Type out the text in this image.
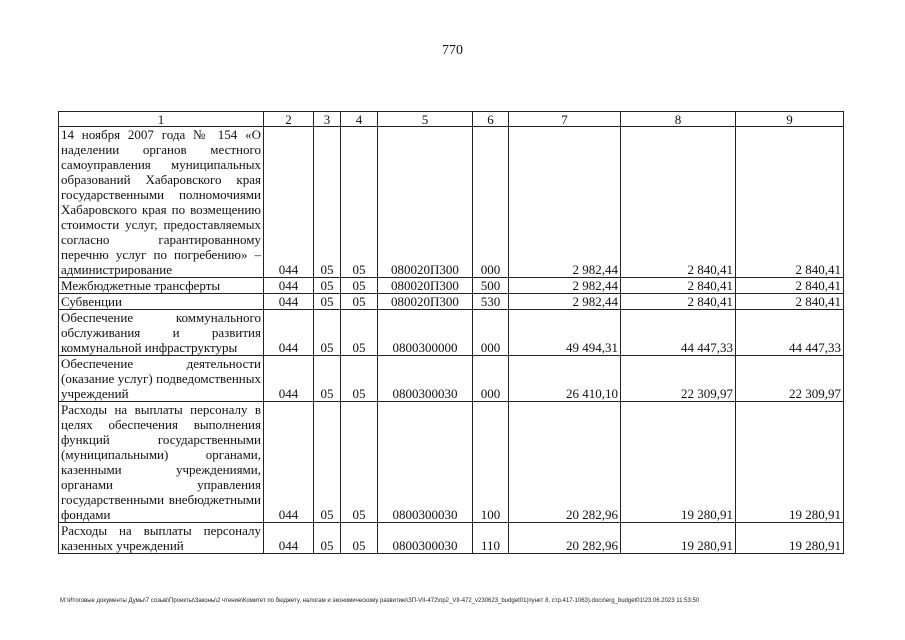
770
1	2	3	4	5	6	7	8	9
14 ноября 2007 года № 154 «О наделении органов местного самоуправления муниципальных образований Хабаровского края государственными полномочиями Хабаровского края по возмещению стоимости услуг, предоставляемых согласно гарантированному перечню услуг по погребению» – администрирование	044	05	05	080020П300	000	2 982,44	2 840,41	2 840,41
Межбюджетные трансферты	044	05	05	080020П300	500	2 982,44	2 840,41	2 840,41
Субвенции	044	05	05	080020П300	530	2 982,44	2 840,41	2 840,41
Обеспечение коммунального обслуживания и развития коммунальной инфраструктуры	044	05	05	0800300000	000	49 494,31	44 447,33	44 447,33
Обеспечение деятельности (оказание услуг) подведомственных учреждений	044	05	05	0800300030	000	26 410,10	22 309,97	22 309,97
Расходы на выплаты персоналу в целях обеспечения выполнения функций государственными (муниципальными) органами, казенными учреждениями, органами управления государственными внебюджетными фондами	044	05	05	0800300030	100	20 282,96	19 280,91	19 280,91
Расходы на выплаты персоналу казенных учреждений	044	05	05	0800300030	110	20 282,96	19 280,91	19 280,91
M:\Итоговые документы Думы\7 созыв\Проекты\Законы\2 чтение\Комитет по бюджету, налогам и экономическому развитию\ЗП-VII-472\пр2_VII-472_v230623_budget01(пункт 8, стр.417-1063).docx\erg_budget01\23.06.2023 11:53:50
